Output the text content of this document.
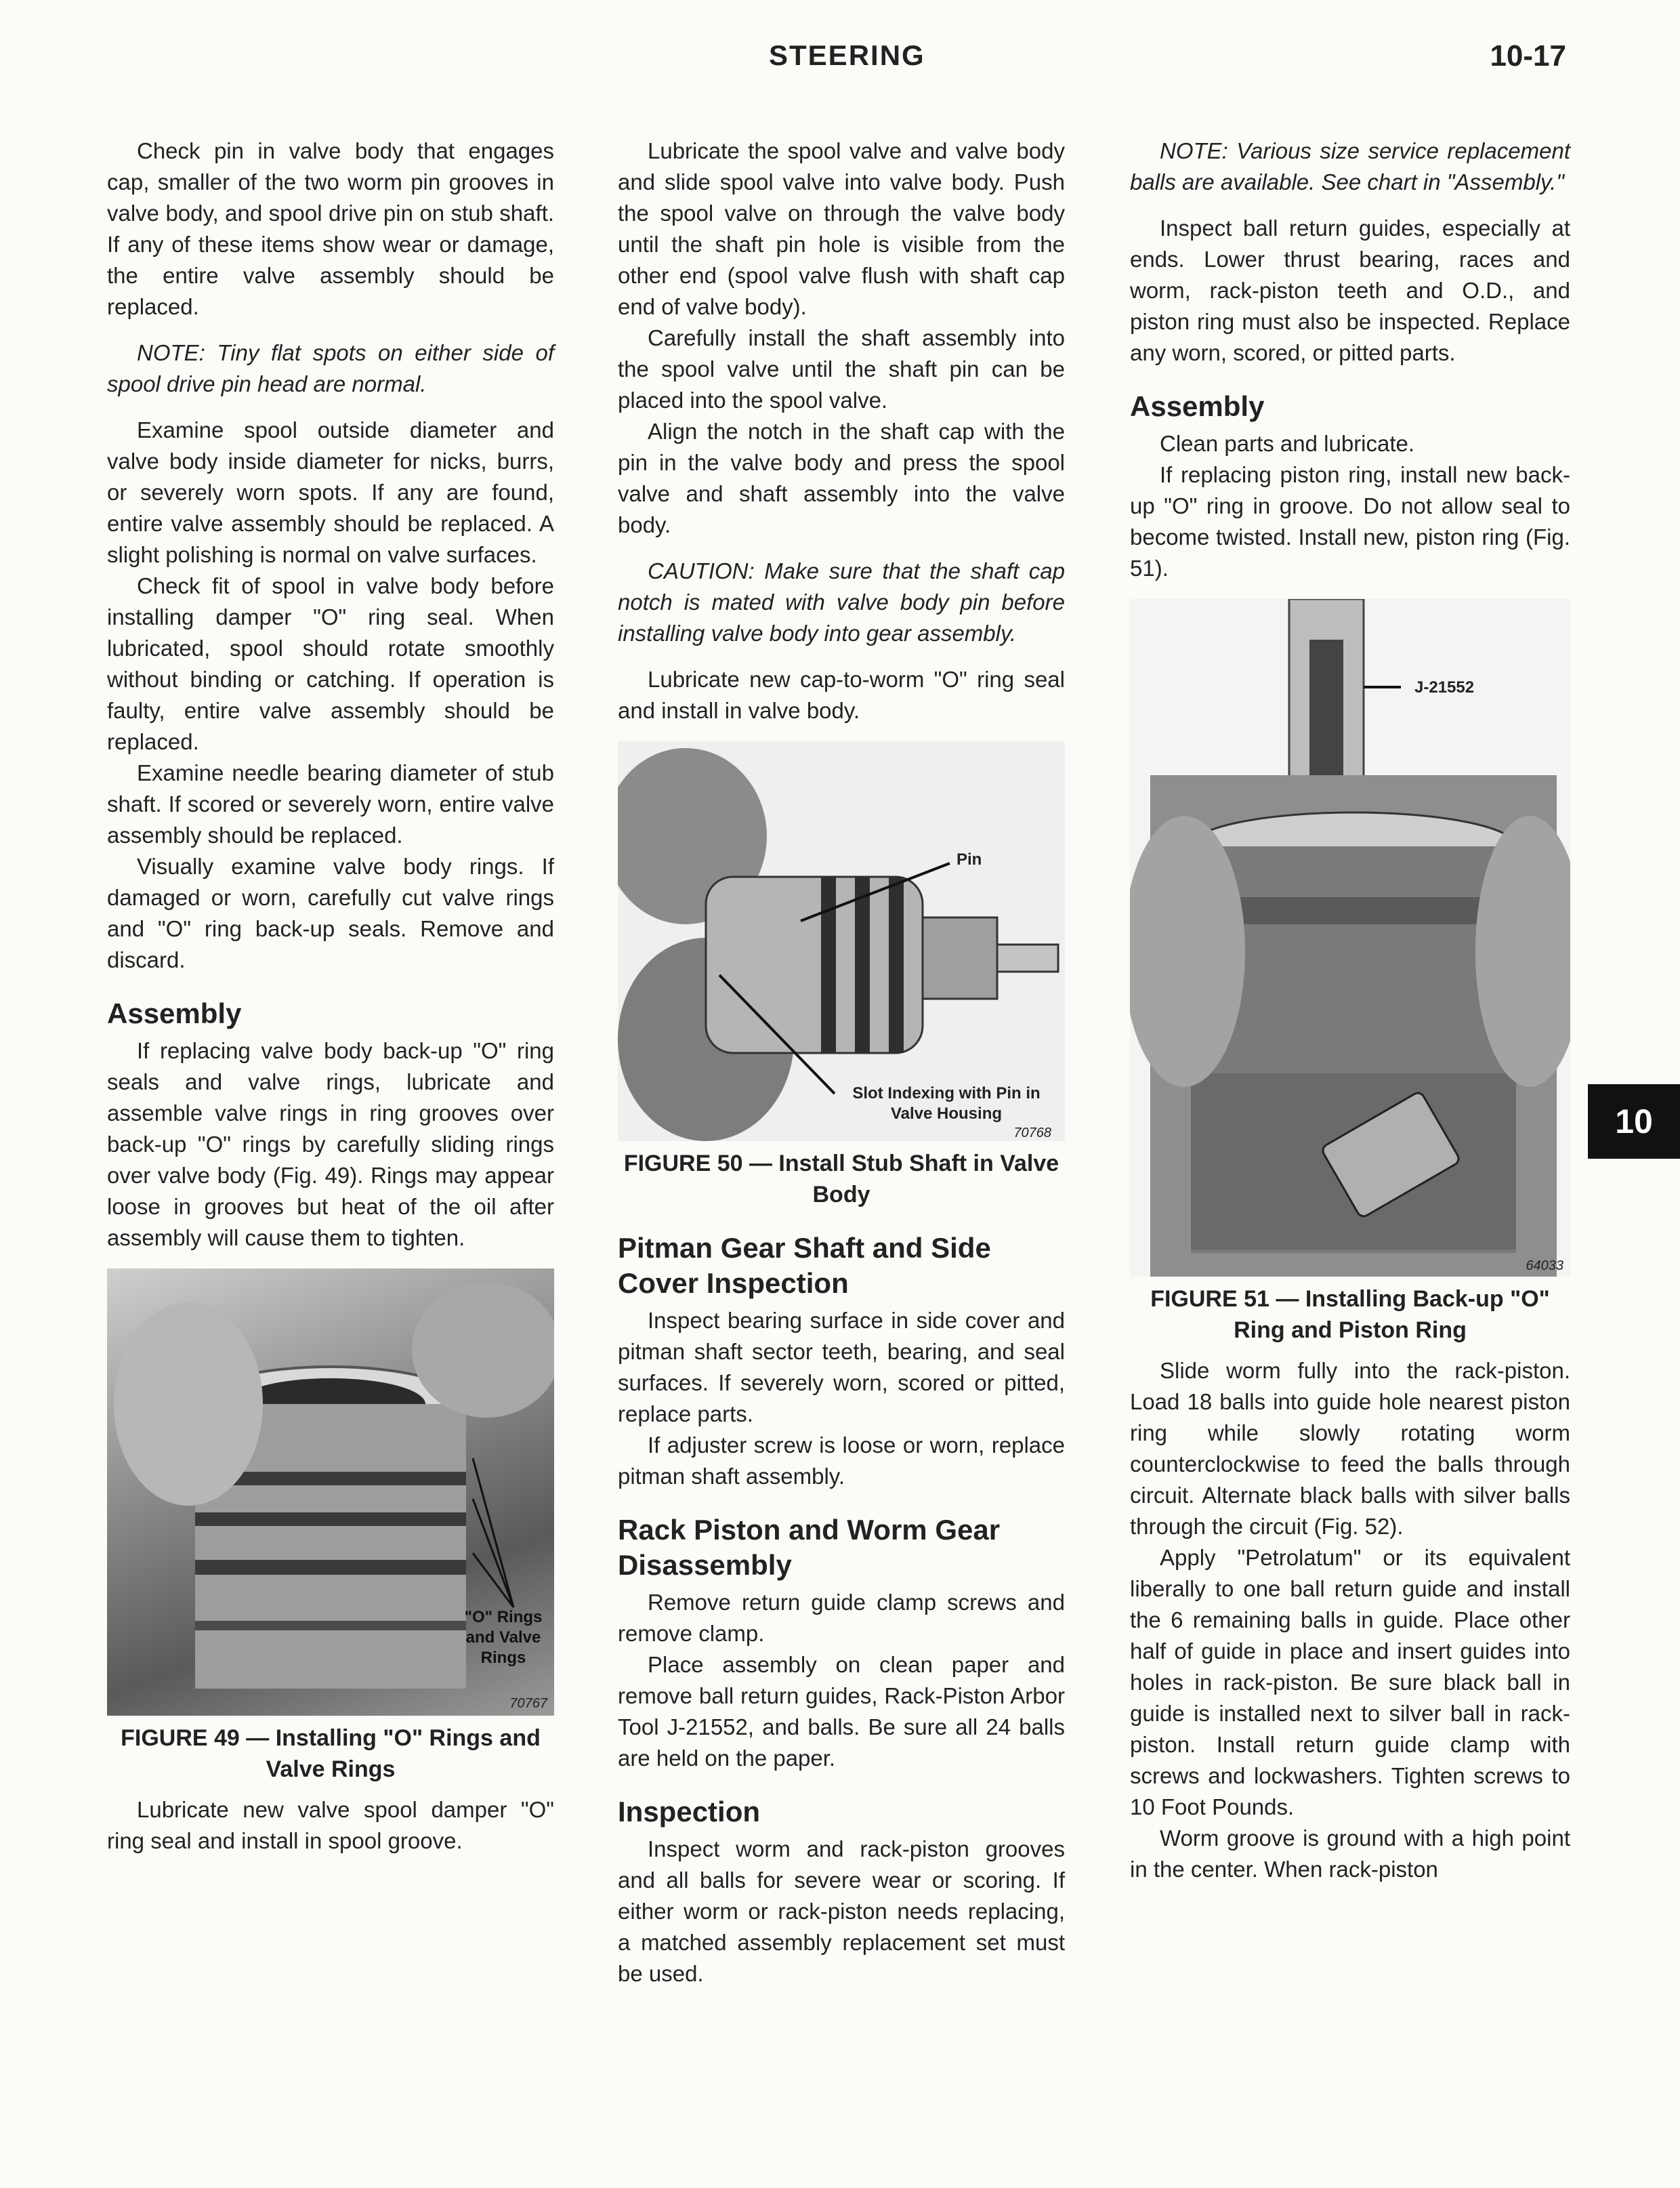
STEERING	10-17
10

Check pin in valve body that engages cap, smaller of the two worm pin grooves in valve body, and spool drive pin on stub shaft. If any of these items show wear or damage, the entire valve assembly should be replaced.

NOTE: Tiny flat spots on either side of spool drive pin head are normal.

Examine spool outside diameter and valve body inside diameter for nicks, burrs, or severely worn spots. If any are found, entire valve assembly should be replaced. A slight polishing is normal on valve surfaces.

Check fit of spool in valve body before installing damper "O" ring seal. When lubricated, spool should rotate smoothly without binding or catching. If operation is faulty, entire valve assembly should be replaced.

Examine needle bearing diameter of stub shaft. If scored or severely worn, entire valve assembly should be replaced.

Visually examine valve body rings. If damaged or worn, carefully cut valve rings and "O" ring back-up seals. Remove and discard.

Assembly

If replacing valve body back-up "O" ring seals and valve rings, lubricate and assemble valve rings in ring grooves over back-up "O" rings by carefully sliding rings over valve body (Fig. 49). Rings may appear loose in grooves but heat of the oil after assembly will cause them to tighten.

"O" Rings and Valve Rings
70767
FIGURE 49 — Installing "O" Rings and Valve Rings

Lubricate new valve spool damper "O" ring seal and install in spool groove.

Lubricate the spool valve and valve body and slide spool valve into valve body. Push the spool valve on through the valve body until the shaft pin hole is visible from the other end (spool valve flush with shaft cap end of valve body).

Carefully install the shaft assembly into the spool valve until the shaft pin can be placed into the spool valve.

Align the notch in the shaft cap with the pin in the valve body and press the spool valve and shaft assembly into the valve body.

CAUTION: Make sure that the shaft cap notch is mated with valve body pin before installing valve body into gear assembly.

Lubricate new cap-to-worm "O" ring seal and install in valve body.

Pin
Slot Indexing with Pin in Valve Housing
70768
FIGURE 50 — Install Stub Shaft in Valve Body
Pitman Gear Shaft and Side Cover Inspection

Inspect bearing surface in side cover and pitman shaft sector teeth, bearing, and seal surfaces. If severely worn, scored or pitted, replace parts.

If adjuster screw is loose or worn, replace pitman shaft assembly.

Rack Piston and Worm Gear Disassembly

Remove return guide clamp screws and remove clamp.

Place assembly on clean paper and remove ball return guides, Rack-Piston Arbor Tool J-21552, and balls. Be sure all 24 balls are held on the paper.

Inspection

Inspect worm and rack-piston grooves and all balls for severe wear or scoring. If either worm or rack-piston needs replacing, a matched assembly replacement set must be used.

NOTE: Various size service replacement balls are available. See chart in "Assembly."

Inspect ball return guides, especially at ends. Lower thrust bearing, races and worm, rack-piston teeth and O.D., and piston ring must also be inspected. Replace any worn, scored, or pitted parts.

Assembly

Clean parts and lubricate.

If replacing piston ring, install new back-up "O" ring in groove. Do not allow seal to become twisted. Install new, piston ring (Fig. 51).

J-21552
64033
FIGURE 51 — Installing Back-up "O" Ring and Piston Ring

Slide worm fully into the rack-piston. Load 18 balls into guide hole nearest piston ring while slowly rotating worm counterclockwise to feed the balls through circuit. Alternate black balls with silver balls through the circuit (Fig. 52).

Apply "Petrolatum" or its equivalent liberally to one ball return guide and install the 6 remaining balls in guide. Place other half of guide in place and insert guides into holes in rack-piston. Be sure black ball in guide is installed next to silver ball in rack-piston. Install return guide clamp with screws and lockwashers. Tighten screws to 10 Foot Pounds.

Worm groove is ground with a high point in the center. When rack-piston
